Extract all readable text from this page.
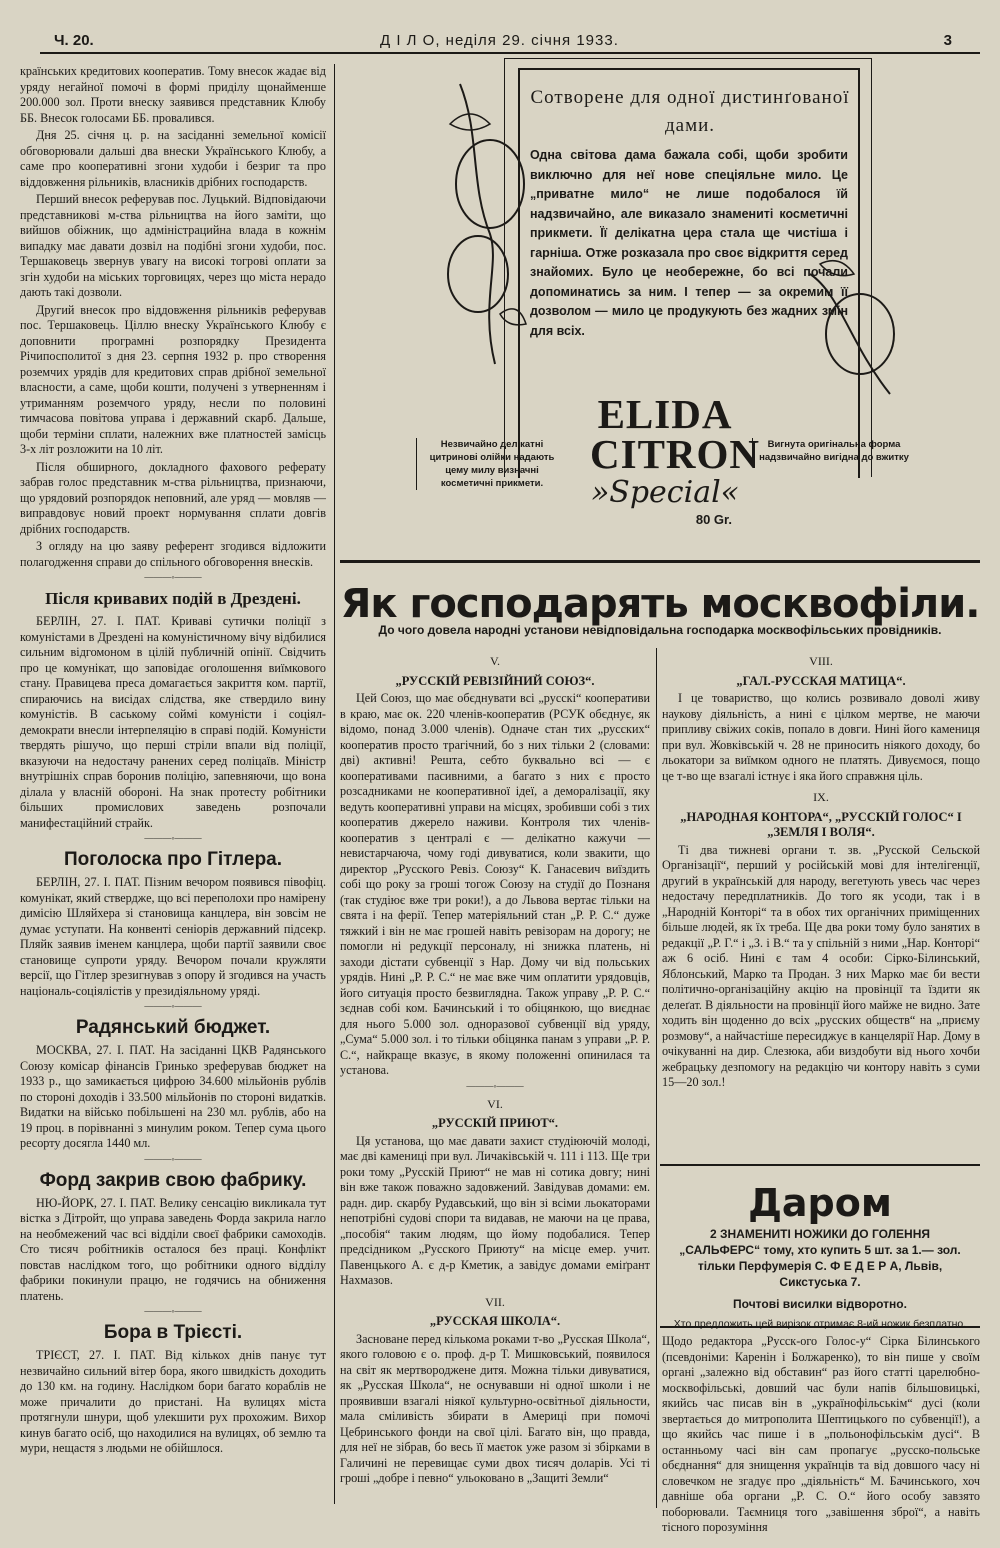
Ч. 20.	Д І Л О, неділя 29. січня 1933.	3

країнських кредитових кооператив. Тому внесок жадає від уряду негайної помочі в формі приділу щонайменше 200.000 зол. Проти внеску заявився представник Клюбу ББ. Внесок голосами ББ. провалився.

Дня 25. січня ц. р. на засіданні земельної комісії обговорювали дальші два внески Українського Клюбу, а саме про кооперативні згони худоби і безриг та про віддовження рільників, власників дрібних господарств.

Перший внесок реферував пос. Луцький. Відповідаючи представникові м-ства рільництва на його заміти, що вийшов обіжник, що адміністрацийна влада в кожнім випадку має давати дозвіл на подібні згони худоби, пос. Тершаковець звернув увагу на високі тогрові оплати за згін худоби на міських торговицях, через що міста нерадо дають такі дозволи.

Другий внесок про віддовження рільників реферував пос. Тершаковець. Ціллю внеску Українського Клюбу є доповнити програмні розпорядку Президента Річипосполитої з дня 23. серпня 1932 р. про створення роземчих урядів для кредитових справ дрібної земельної власности, а саме, щоби кошти, получені з утверненням і утриманням роземчого уряду, несли по половині тимчасова повітова управа і державний скарб. Дальше, щоби терміни сплати, належних вже платностей замісць 3-х літ розложити на 10 літ.

Після обширного, докладного фахового реферату забрав голос представник м-ства рільництва, признаючи, що урядовий розпорядок неповний, але уряд — мовляв — виправдовує новий проект нормування сплати довгів дрібних господарств.

З огляду на цю заяву референт згодився відложити полагодження справи до спільного обговорення внесків.

———◦———
Після кривавих подій в Дрездені.

БЕРЛІН, 27. І. ПАТ. Криваві сутички поліції з комуністами в Дрездені на комуністичному вічу відбилися сильним відгомоном в цілій публичній опінії. Свідчить про це комунікат, що заповідає оголошення виїмкового стану. Правицева преса домагається закриття ком. партії, спираючись на висідах слідства, яке ствердило вину комуністів. В саському соймі комуністи і соціял-демократи внесли інтерпеляцію в справі подій. Комуністи твердять рішучо, що перші стріли впали від поліції, вказуючи на недостачу ранених серед поліцаїв. Міністр внутрішніх справ боронив поліцію, запевняючи, що вона ділала у власній обороні. На знак протесту робітники більших промислових заведень розпочали манифестаційний страйк.

———◦———
Поголоска про Гітлера.

БЕРЛІН, 27. І. ПАТ. Пізним вечором появився півофіц. комунікат, який ствердже, що всі переполохи про намірену димісію Шляйхера зі становища канцлера, він зовсім не думає уступати. На конвенті сеніорів державний підсекр. Пляйк заявив іменем канцлера, щоби партії заявили своє становище супроти уряду. Вечором почали кружляти версії, що Гітлер зрезигнував з опору й згодився на участь національ-соціялістів у президіяльному уряді.

———◦———
Радянський бюджет.

МОСКВА, 27. І. ПАТ. На засіданні ЦКВ Радянського Союзу комісар фінансів Гринько зреферував бюджет на 1933 р., що замикається цифрою 34.600 мільйонів рублів по стороні доходів і 33.500 мільйонів по стороні видатків. Видатки на військо побільшені на 230 мл. рублів, або на 19 проц. в порівнанні з минулим роком. Тепер сума цього ресорту досягла 1440 мл.

———◦———
Форд закрив свою фабрику.

НЮ-ЙОРК, 27. І. ПАТ. Велику сенсацію викликала тут вістка з Дітройт, що управа заведень Форда закрила нагло на необмежений час всі відділи своєї фабрики самоходів. Сто тисяч робітників осталося без праці. Конфлікт повстав наслідком того, що робітники одного відділу фабрики покинули працю, не годячись на обниження платень.

———◦———
Бора в Трієсті.

ТРІЄСТ, 27. І. ПАТ. Від кількох днів панує тут незвичайно сильний вітер бора, якого швидкість доходить до 130 км. на годину. Наслідком бори багато кораблів не може причалити до пристані. На вулицях міста протягнули шнури, щоб улекшити рух прохожим. Вихор кинув багато осіб, що находилися на вулицях, об землю та мури, нещастя з людьми не обійшлося.

Сотворене для одної дистинґованої дами.
Одна світова дама бажала собі, щоби зробити виключно для неї нове спеціяльне мило. Це „приватне мило“ не лише подобалося їй надзвичайно, але виказало знамениті косметичні прикмети. Її делікатна цера стала ще чистіша і гарніша. Отже розказала про своє відкриття серед знайомих. Було це необережне, бо всі почали допоминатись за ним. І тепер — за окремим її дозволом — мило це продукують без жадних змін для всіх.
Незвичайно делікатні цитринові олійки надають цему милу визначні косметичні прикмети.
Вигнута оригінальна форма надзвичайно вигідна до вжитку
ELIDA
CITRON
»Special«
80 Gr.
Як господарять москвофіли.
До чого довела народні установи невідповідальна господарка москвофільських провідників.
V.
„РУССКІЙ РЕВІЗІЙНИЙ СОЮЗ“.

Цей Союз, що має обєднувати всі „русскі“ кооперативи в краю, має ок. 220 членів-кооператив (РСУК обєднує, як відомо, понад 3.000 членів). Одначе стан тих „русских“ кооператив просто трагічний, бо з них тільки 2 (словами: дві) активні! Решта, себто буквально всі — є кооперативами пасивними, а багато з них є просто розсадниками не кооперативної ідеї, а деморалізації, яку ведуть кооперативні управи на місцях, зробивши собі з тих кооператив джерело наживи. Контроля тих членів-кооператив з централі є — делікатно кажучи — невистарчаюча, чому годі дивуватися, коли звакити, що директор „Русского Ревіз. Союзу“ К. Ганасевич виїздить собі що року за гроші тогож Союзу на студії до Познаня (так студіює вже три роки!), а до Львова вертає тільки на свята і на ферії. Тепер матеріяльний стан „Р. Р. С.“ дуже тяжкий і він не має грошей навіть ревізорам на дорогу; не помогли ні редукції персоналу, ні знижка платень, ні заходи дістати субвенції з Нар. Дому чи від польських урядів. Нині „Р. Р. С.“ не має вже чим оплатити урядовців, його ситуація просто безвиглядна. Також управу „Р. Р. С.“ зєднав собі ком. Бачинський і то обіцянкою, що виєднає для нього 5.000 зол. одноразової субвенції від уряду, „Сума“ 5.000 зол. і то тільки обіцянка панам з управи „Р. Р. С.“, найкраще вказує, в якому положенні опинилася та установа.

———◦———
VI.
„РУССКІЙ ПРИЮТ“.

Ця установа, що має давати захист студіюючій молоді, має дві камениці при вул. Личаківській ч. 111 і 113. Ще три роки тому „Русскій Приют“ не мав ні сотика довгу; нині він вже також поважно задовжений. Завідував домами: ем. радн. дир. скарбу Рудавський, що він зі всіми льокаторами непотрібні судові спори та видавав, не маючи на це права, „пособія“ таким людям, що йому подобалися. Тепер предсідником „Русского Приюту“ на місце емер. учит. Павенцького А. є д-р Кметик, а завідує домами еміґрант Нахмазов.

VII.
„РУССКАЯ ШКОЛА“.

Засноване перед кількома роками т-во „Русская Школа“, якого головою є о. проф. д-р Т. Мишковський, появилося на світ як мертвороджене дитя. Можна тільки дивуватися, як „Русская Школа“, не оснувавши ні одної школи і не проявивши взагалі ніякої культурно-освітньої діяльности, мала сміливість збирати в Америці при помочі Цебринського фонди на свої цілі. Багато він, що правда, для неї не зібрав, бо весь її маєток уже разом зі збірками в Галичині не перевищає суми двох тисяч доларів. Усі ті гроші „добре і певно“ ульоковано в „Защиті Земли“

VIII.
„ГАЛ.-РУССКАЯ МАТИЦА“.

І це товариство, що колись розвивало доволі живу наукову діяльність, а нині є цілком мертве, не маючи припливу свіжих соків, попало в довги. Нині його камениця при вул. Жовківській ч. 28 не приносить ніякого доходу, бо льокатори за виїмком одного не платять. Дивуємося, пощо це т-во ще взагалі істнує і яка його справжня ціль.

IX.
„НАРОДНАЯ КОНТОРА“, „РУССКІЙ ГОЛОС“ І „ЗЕМЛЯ І ВОЛЯ“.

Ті два тижневі органи т. зв. „Русской Сельской Організації“, перший у російській мові для інтелігенції, другий в українській для народу, вегетують увесь час через недостачу передплатників. До того як усоди, так і в „Народній Конторі“ та в обох тих органічних приміщенних більше людей, як їх треба. Ще два роки тому було занятих в редакції „Р. Г.“ і „З. і В.“ та у спільній з ними „Нар. Конторі“ аж 6 осіб. Нині є там 4 особи: Сірко-Білинський, Яблонський, Марко та Продан. З них Марко має би вести політично-організаційну акцію на провінції та їздити як делеґат. В діяльности на провінції його майже не видно. Зате ходить він щоденно до всіх „русских обществ“ на „приєму розмову“, а найчастіше пересиджує в канцелярії Нар. Дому в очікуванні на дир. Слезюка, аби виздобути від нього хочби жебрацьку дезпомогу на редакцію чи контору навіть з суми 15—20 зол.!

Даром
2 ЗНАМЕНИТІ НОЖИКИ ДО ГОЛЕННЯ
„САЛЬФЕРС“ тому, хто купить 5 шт. за 1.— зол.
тільки Перфумерія С. Ф Е Д Е Р А, Львів,
Сикстуська 7.
Почтові висилки відворотно.
Хто предложить цей вирізок отримає 8-ий ножик безплатно.

Щодо редактора „Русск-ого Голос-у“ Сірка Білинського (псевдоніми: Каренін і Болжаренко), то він пише у своїм органі „залежно від обставин“ раз його статті царелюбно-москвофільські, довший час були напів більшовицькі, якийсь час писав він в „українофільськім“ дусі (коли звертається до митрополита Шептицького по субвенції!), а що якийсь час пише і в „польонофільськім дусі“. В останньому часі він сам пропагує „русско-польське обєднання“ для знищення українців та від довшого часу ні словечком не згадує про „діяльність“ М. Бачинського, хоч давніше оба органи „Р. С. О.“ його особу завзято поборювали. Таємниця того „завішення зброї“, а навіть тісного порозуміння
